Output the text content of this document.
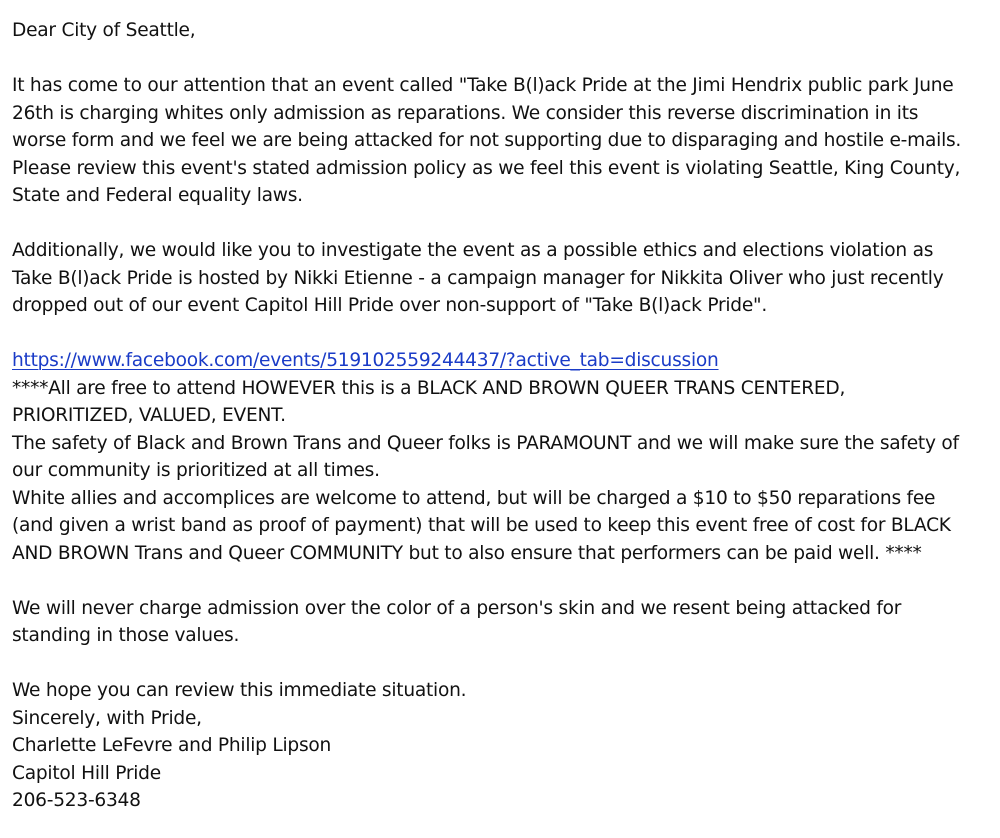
Dear City of Seattle,
It has come to our attention that an event called "Take B(l)ack Pride at the Jimi Hendrix public park June
26th is charging whites only admission as reparations. We consider this reverse discrimination in its
worse form and we feel we are being attacked for not supporting due to disparaging and hostile e-mails.
Please review this event's stated admission policy as we feel this event is violating Seattle, King County,
State and Federal equality laws.
Additionally, we would like you to investigate the event as a possible ethics and elections violation as
Take B(l)ack Pride is hosted by Nikki Etienne - a campaign manager for Nikkita Oliver who just recently
dropped out of our event Capitol Hill Pride over non-support of "Take B(l)ack Pride".
https://www.facebook.com/events/519102559244437/?active_tab=discussion
****All are free to attend HOWEVER this is a BLACK AND BROWN QUEER TRANS CENTERED,
PRIORITIZED, VALUED, EVENT.
The safety of Black and Brown Trans and Queer folks is PARAMOUNT and we will make sure the safety of
our community is prioritized at all times.
White allies and accomplices are welcome to attend, but will be charged a $10 to $50 reparations fee
(and given a wrist band as proof of payment) that will be used to keep this event free of cost for BLACK
AND BROWN Trans and Queer COMMUNITY but to also ensure that performers can be paid well. ****
We will never charge admission over the color of a person's skin and we resent being attacked for
standing in those values.
We hope you can review this immediate situation.
Sincerely, with Pride,
Charlette LeFevre and Philip Lipson
Capitol Hill Pride
206-523-6348
